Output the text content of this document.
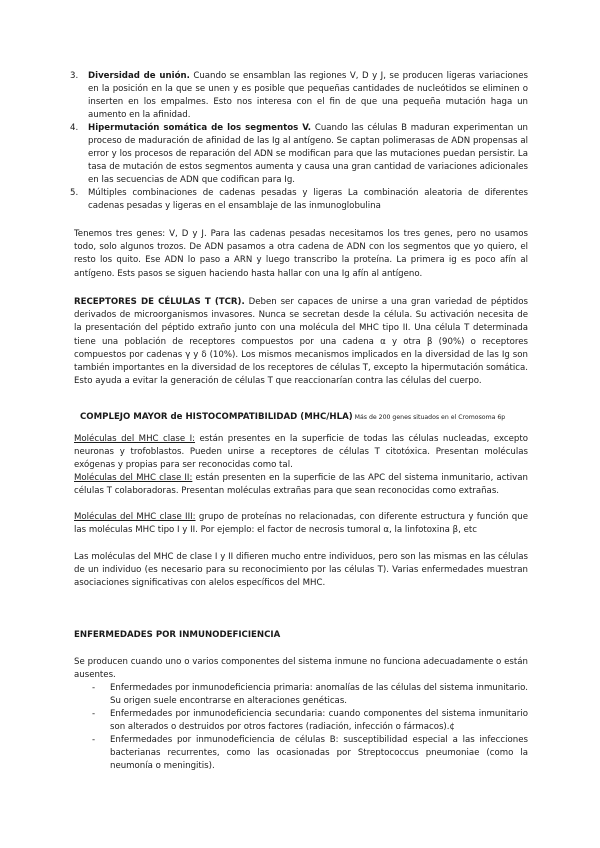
3. Diversidad de unión. Cuando se ensamblan las regiones V, D y J, se producen ligeras variaciones en la posición en la que se unen y es posible que pequeñas cantidades de nucleótidos se eliminen o inserten en los empalmes. Esto nos interesa con el fin de que una pequeña mutación haga un aumento en la afinidad.

4. Hipermutación somática de los segmentos V. Cuando las células B maduran experimentan un proceso de maduración de afinidad de las Ig al antígeno. Se captan polimerasas de ADN propensas al error y los procesos de reparación del ADN se modifican para que las mutaciones puedan persistir. La tasa de mutación de estos segmentos aumenta y causa una gran cantidad de variaciones adicionales en las secuencias de ADN que codifican para Ig.

5. Múltiples combinaciones de cadenas pesadas y ligeras La combinación aleatoria de diferentes cadenas pesadas y ligeras en el ensamblaje de las inmunoglobulina

Tenemos tres genes: V, D y J. Para las cadenas pesadas necesitamos los tres genes, pero no usamos todo, solo algunos trozos. De ADN pasamos a otra cadena de ADN con los segmentos que yo quiero, el resto los quito. Ese ADN lo paso a ARN y luego transcribo la proteína. La primera ig es poco afín al antígeno. Ests pasos se siguen haciendo hasta hallar con una Ig afín al antígeno.

RECEPTORES DE CÉLULAS T (TCR). Deben ser capaces de unirse a una gran variedad de péptidos derivados de microorganismos invasores. Nunca se secretan desde la célula. Su activación necesita de la presentación del péptido extraño junto con una molécula del MHC tipo II. Una célula T determinada tiene una población de receptores compuestos por una cadena α y otra β (90%) o receptores compuestos por cadenas γ y δ (10%). Los mismos mecanismos implicados en la diversidad de las Ig son también importantes en la diversidad de los receptores de células T, excepto la hipermutación somática. Esto ayuda a evitar la generación de células T que reaccionarían contra las células del cuerpo.

COMPLEJO MAYOR de HISTOCOMPATIBILIDAD (MHC/HLA) Más de 200 genes situados en el Cromosoma 6p

Moléculas del MHC clase I: están presentes en la superficie de todas las células nucleadas, excepto neuronas y trofoblastos. Pueden unirse a receptores de células T citotóxica. Presentan moléculas exógenas y propias para ser reconocidas como tal.

Moléculas del MHC clase II: están presenten en la superficie de las APC del sistema inmunitario, activan células T colaboradoras. Presentan moléculas extrañas para que sean reconocidas como extrañas.

Moléculas del MHC clase III: grupo de proteínas no relacionadas, con diferente estructura y función que las moléculas MHC tipo I y II. Por ejemplo: el factor de necrosis tumoral α, la linfotoxina β, etc

Las moléculas del MHC de clase I y II difieren mucho entre individuos, pero son las mismas en las células de un individuo (es necesario para su reconocimiento por las células T). Varias enfermedades muestran asociaciones significativas con alelos específicos del MHC.

ENFERMEDADES POR INMUNODEFICIENCIA

Se producen cuando uno o varios componentes del sistema inmune no funciona adecuadamente o están ausentes.

- Enfermedades por inmunodeficiencia primaria: anomalías de las células del sistema inmunitario. Su origen suele encontrarse en alteraciones genéticas.

- Enfermedades por inmunodeficiencia secundaria: cuando componentes del sistema inmunitario son alterados o destruidos por otros factores (radiación, infección o fármacos).¢

- Enfermedades por inmunodeficiencia de células B: susceptibilidad especial a las infecciones bacterianas recurrentes, como las ocasionadas por Streptococcus pneumoniae (como la neumonía o meningitis).
